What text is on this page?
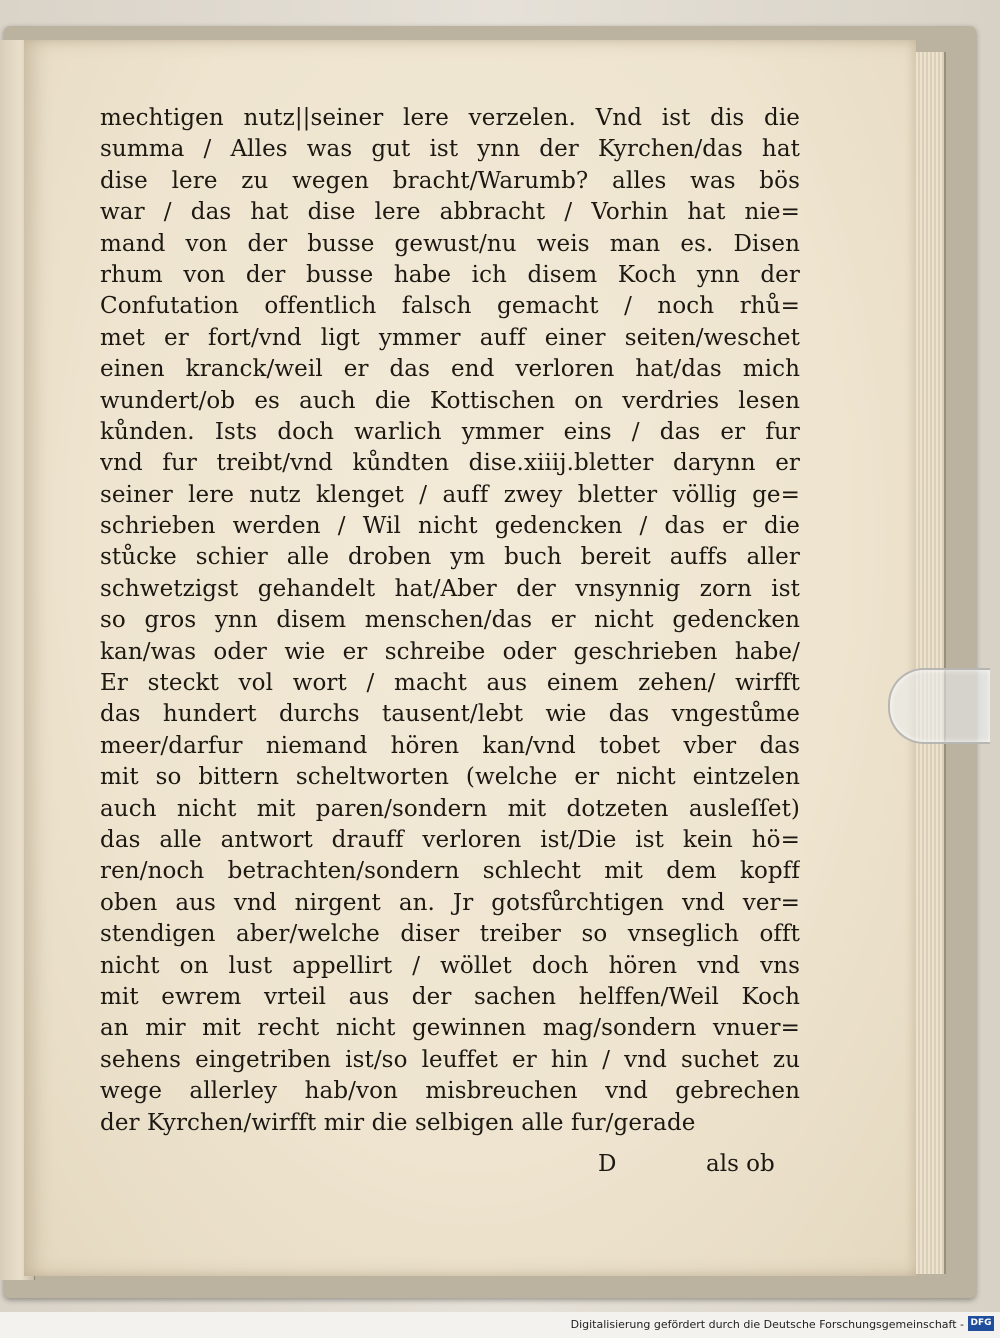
mechtigen nutz||seiner lere verzelen. Vnd ist dis die
summa / Alles was gut ist ynn der Kyrchen/das hat
dise lere zu wegen bracht/Warumb? alles was bös
war / das hat dise lere abbracht / Vorhin hat nie=
mand von der busse gewust/nu weis man es. Disen
rhum von der busse habe ich disem Koch ynn der
Confutation offentlich falsch gemacht / noch rhů=
met er fort/vnd ligt ymmer auff einer seiten/weschet
einen kranck/weil er das end verloren hat/das mich
wundert/ob es auch die Kottischen on verdries lesen
kůnden. Ists doch warlich ymmer eins / das er fur
vnd fur treibt/vnd kůndten dise.xiiij.bletter darynn er
seiner lere nutz klenget / auff zwey bletter völlig ge=
schrieben werden / Wil nicht gedencken / das er die
stůcke schier alle droben ym buch bereit auffs aller
schwetzigst gehandelt hat/Aber der vnsynnig zorn ist
so gros ynn disem menschen/das er nicht gedencken
kan/was oder wie er schreibe oder geschrieben habe/
Er steckt vol wort / macht aus einem zehen/ wirfft
das hundert durchs tausent/lebt wie das vngestůme
meer/darfur niemand hören kan/vnd tobet vber das
mit so bittern scheltworten (welche er nicht eintzelen
auch nicht mit paren/sondern mit dotzeten ausleſſet)
das alle antwort drauff verloren ist/Die ist kein hö=
ren/noch betrachten/sondern schlecht mit dem kopff
oben aus vnd nirgent an. Jr gotsfůrchtigen vnd ver=
stendigen aber/welche diser treiber so vnseglich offt
nicht on lust appellirt / wöllet doch hören vnd vns
mit ewrem vrteil aus der sachen helffen/Weil Koch
an mir mit recht nicht gewinnen mag/sondern vnuer=
sehens eingetriben ist/so leuffet er hin / vnd suchet zu
wege allerley hab/von misbreuchen vnd gebrechen
der Kyrchen/wirfft mir die selbigen alle fur/gerade
D	als ob
Digitalisierung gefördert durch die Deutsche Forschungsgemeinschaft - DFG
